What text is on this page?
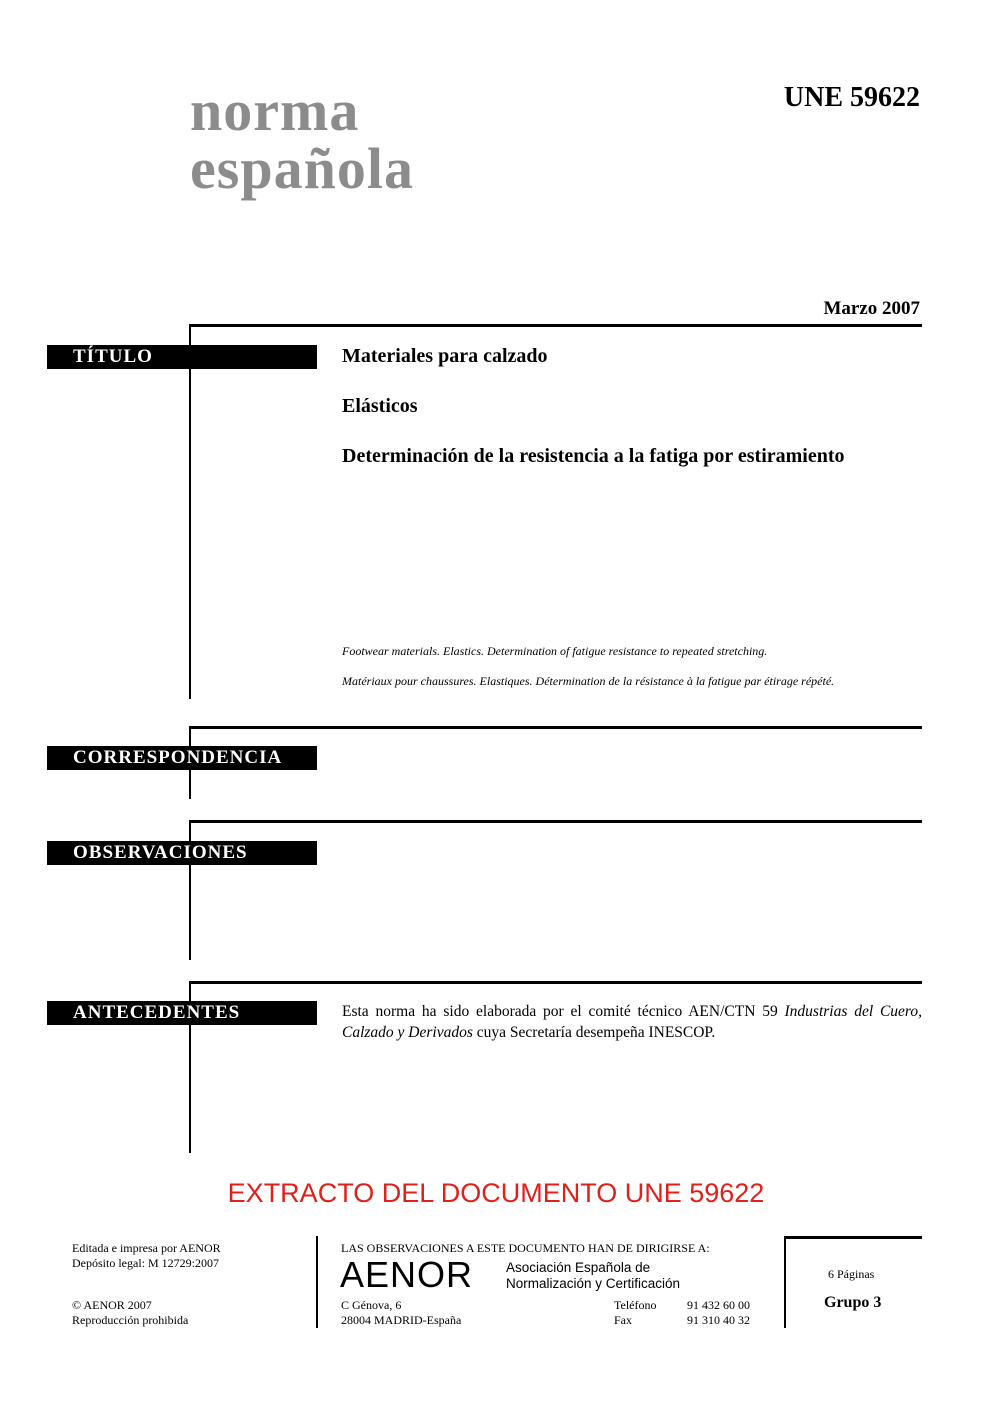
norma
española
UNE 59622
Marzo 2007
TÍTULO	Materiales para calzado
Elásticos
Determinación de la resistencia a la fatiga por estiramiento
Footwear materials. Elastics. Determination of fatigue resistance to repeated stretching.
Matériaux pour chaussures. Elastiques. Détermination de la résistance à la fatigue par étirage répété.
CORRESPONDENCIA
OBSERVACIONES
ANTECEDENTES	Esta norma ha sido elaborada por el comité técnico AEN/CTN 59 Industrias del Cuero, Calzado y Derivados cuya Secretaría desempeña INESCOP.
EXTRACTO DEL DOCUMENTO UNE 59622
Editada e impresa por AENOR
Depósito legal: M 12729:2007
© AENOR 2007
Reproducción prohibida
LAS OBSERVACIONES A ESTE DOCUMENTO HAN DE DIRIGIRSE A:
AENOR Asociación Española de
Normalización y Certificación
C Génova, 6
28004 MADRID-España
Teléfono	91 432 60 00
Fax	91 310 40 32
6 Páginas
Grupo 3
